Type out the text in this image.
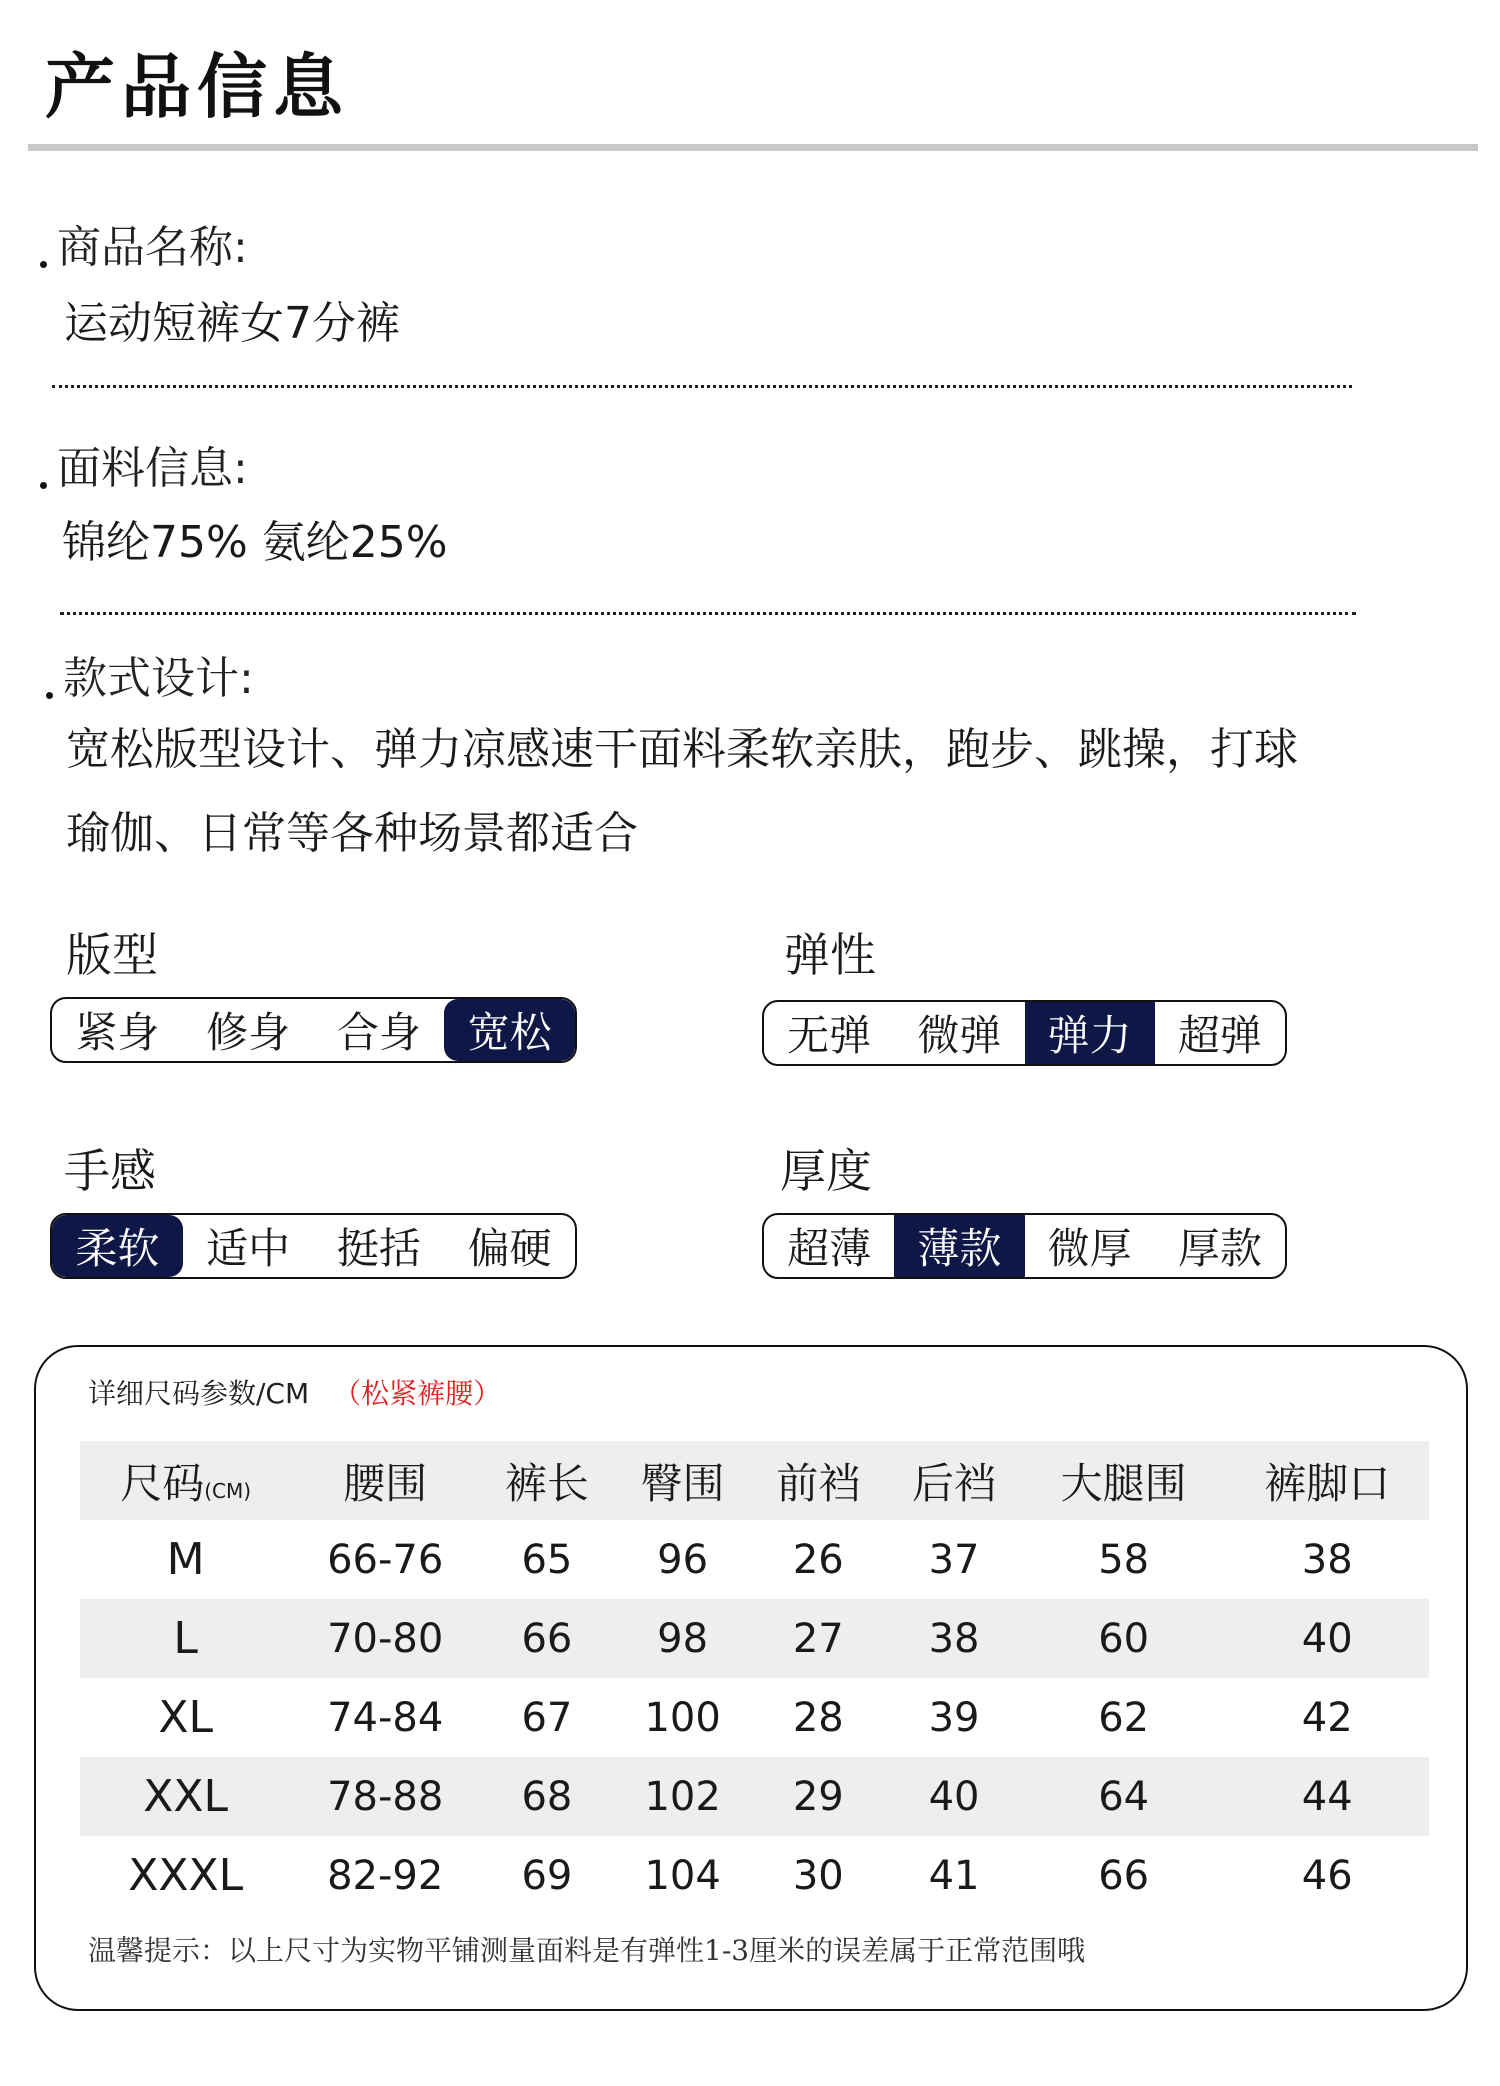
产品信息
商品名称:
运动短裤女7分裤
面料信息:
锦纶75% 氨纶25%
款式设计:
宽松版型设计、弹力凉感速干面料柔软亲肤，跑步、跳操，打球
瑜伽、日常等各种场景都适合
版型
紧身	修身	合身	宽松
弹性
无弹	微弹	弹力	超弹
手感
柔软	适中	挺括	偏硬
厚度
超薄	薄款	微厚	厚款
详细尺码参数/CM （松紧裤腰）
尺码(CM)	腰围	裤长	臀围	前裆	后裆	大腿围	裤脚口
M	66-76	65	96	26	37	58	38
L	70-80	66	98	27	38	60	40
XL	74-84	67	100	28	39	62	42
XXL	78-88	68	102	29	40	64	44
XXXL	82-92	69	104	30	41	66	46
温馨提示：以上尺寸为实物平铺测量面料是有弹性1-3厘米的误差属于正常范围哦
